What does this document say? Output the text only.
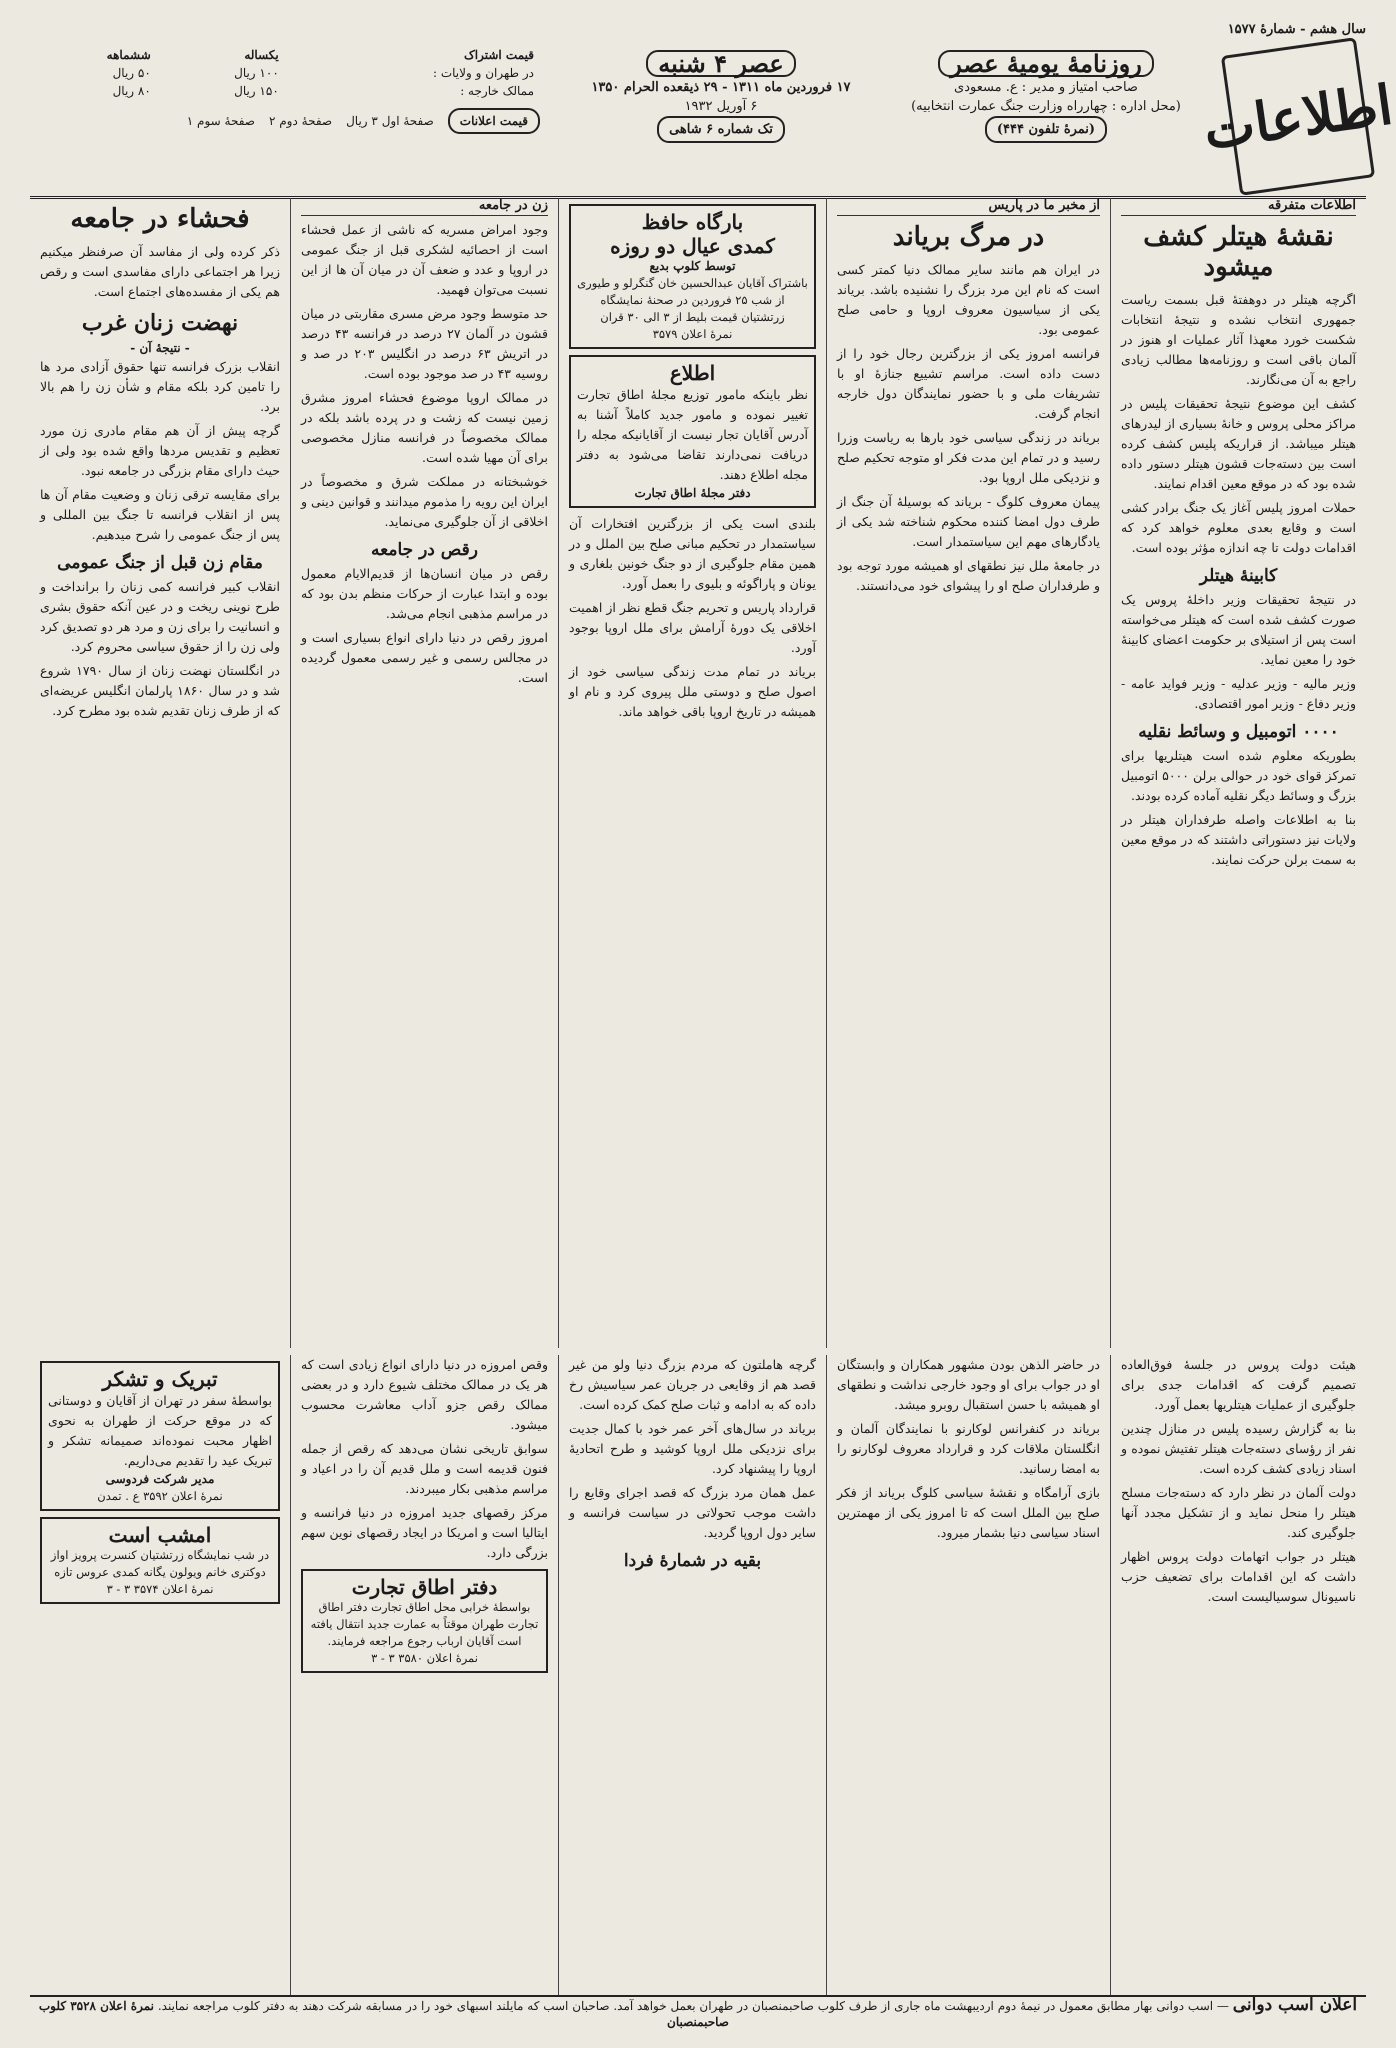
سال هشم - شمارهٔ ۱۵۷۷
اطلاعات
روزنامهٔ یومیهٔ عصر
صاحب امتیاز و مدیر : ع. مسعودی
(محل اداره : چهارراه وزارت جنگ عمارت انتخابیه)
(نمرهٔ تلفون ۴۴۴)
عصر ۴ شنبه
۱۷ فروردین ماه ۱۳۱۱ - ۲۹ ذیقعده الحرام ۱۳۵۰
۶ آوریل ۱۹۳۲
تک شماره ۶ شاهی
قیمت اشتراک	یکساله	ششماهه
در طهران و ولایات :	۱۰۰ ریال	۵۰ ریال
ممالک خارجه :	۱۵۰ ریال	۸۰ ریال
قیمت اعلانات
صفحهٔ اول ۳ ریال
صفحهٔ دوم ۲
صفحهٔ سوم ۱
اطلاعات متفرقه
نقشهٔ هیتلر کشف میشود

اگرچه هیتلر در دوهفتهٔ قبل بسمت ریاست جمهوری انتخاب نشده و نتیجهٔ انتخابات شکست خورد معهذا آثار عملیات او هنوز در آلمان باقی است و روزنامه‌ها مطالب زیادی راجع به آن می‌نگارند.

کشف این موضوع نتیجهٔ تحقیقات پلیس در مراکز محلی پروس و خانهٔ بسیاری از لیدرهای هیتلر میباشد. از قراریکه پلیس کشف کرده است بین دسته‌جات قشون هیتلر دستور داده شده بود که در موقع معین اقدام نمایند.

حملات امروز پلیس آغاز یک جنگ برادر کشی است و وقایع بعدی معلوم خواهد کرد که اقدامات دولت تا چه اندازه مؤثر بوده است.

کابینهٔ هیتلر

در نتیجهٔ تحقیقات وزیر داخلهٔ پروس یک صورت کشف شده است که هیتلر می‌خواسته است پس از استیلای بر حکومت اعضای کابینهٔ خود را معین نماید.

وزیر مالیه - وزیر عدلیه - وزیر فواید عامه - وزیر دفاع - وزیر امور اقتصادی.

۰۰۰۰ اتومبیل و وسائط نقلیه

بطوریکه معلوم شده است هیتلریها برای تمرکز قوای خود در حوالی برلن ۵۰۰۰ اتومبیل بزرگ و وسائط دیگر نقلیه آماده کرده بودند.

بنا به اطلاعات واصله طرفداران هیتلر در ولایات نیز دستوراتی داشتند که در موقع معین به سمت برلن حرکت نمایند.

از مخبر ما در پاریس
در مرگ بریاند

در ایران هم مانند سایر ممالک دنیا کمتر کسی است که نام این مرد بزرگ را نشنیده باشد. بریاند یکی از سیاسیون معروف اروپا و حامی صلح عمومی بود.

فرانسه امروز یکی از بزرگترین رجال خود را از دست داده است. مراسم تشییع جنازهٔ او با تشریفات ملی و با حضور نمایندگان دول خارجه انجام گرفت.

بریاند در زندگی سیاسی خود بارها به ریاست وزرا رسید و در تمام این مدت فکر او متوجه تحکیم صلح و نزدیکی ملل اروپا بود.

پیمان معروف کلوگ - بریاند که بوسیلهٔ آن جنگ از طرف دول امضا کننده محکوم شناخته شد یکی از یادگارهای مهم این سیاستمدار است.

در جامعهٔ ملل نیز نطقهای او همیشه مورد توجه بود و طرفداران صلح او را پیشوای خود می‌دانستند.

بارگاه حافظ
کمدی عیال دو روزه
توسط کلوپ بدیع
باشتراک آقایان عبدالحسین خان گنگرلو و طیوری از شب ۲۵ فروردین در صحنهٔ نمایشگاه زرتشتیان قیمت بلیط از ۳ الی ۳۰ قران
نمرهٔ اعلان ۳۵۷۹
اطلاع
نظر باینکه مامور توزیع مجلهٔ اطاق تجارت تغییر نموده و مامور جدید کاملاً آشنا به آدرس آقایان تجار نیست از آقایانیکه مجله را دریافت نمی‌دارند تقاضا می‌شود به دفتر مجله اطلاع دهند.
دفتر مجلهٔ اطاق تجارت

بلندی است یکی از بزرگترین افتخارات آن سیاستمدار در تحکیم مبانی صلح بین الملل و در همین مقام جلوگیری از دو جنگ خونین بلغاری و یونان و پاراگوئه و بلیوی را بعمل آورد.

قرارداد پاریس و تحریم جنگ قطع نظر از اهمیت اخلاقی یک دورهٔ آرامش برای ملل اروپا بوجود آورد.

بریاند در تمام مدت زندگی سیاسی خود از اصول صلح و دوستی ملل پیروی کرد و نام او همیشه در تاریخ اروپا باقی خواهد ماند.

زن در جامعه

وجود امراض مسریه که ناشی از عمل فحشاء است از احصائیه لشکری قبل از جنگ عمومی در اروپا و عدد و ضعف آن در میان آن ها از این نسبت می‌توان فهمید.

حد متوسط وجود مرض مسری مقاربتی در میان قشون در آلمان ۲۷ درصد در فرانسه ۴۳ درصد در اتریش ۶۳ درصد در انگلیس ۲۰۳ در صد و روسیه ۴۳ در صد موجود بوده است.

در ممالک اروپا موضوع فحشاء امروز مشرق زمین نیست که زشت و در پرده باشد بلکه در ممالک مخصوصاً در فرانسه منازل مخصوصی برای آن مهیا شده است.

خوشبختانه در مملکت شرق و مخصوصاً در ایران این رویه را مذموم میدانند و قوانین دینی و اخلاقی از آن جلوگیری می‌نماید.

رقص در جامعه

رقص در میان انسان‌ها از قدیم‌الایام معمول بوده و ابتدا عبارت از حرکات منظم بدن بود که در مراسم مذهبی انجام می‌شد.

امروز رقص در دنیا دارای انواع بسیاری است و در مجالس رسمی و غیر رسمی معمول گردیده است.

فحشاء در جامعه
ذکر کرده ولی از مفاسد آن صرفنظر میکنیم زیرا هر اجتماعی دارای مفاسدی است و رقص هم یکی از مفسده‌های اجتماع است.
نهضت زنان غرب
- نتیجهٔ آن -

انقلاب بزرک فرانسه تنها حقوق آزادی مرد ها را تامین کرد بلکه مقام و شأن زن را هم بالا برد.

گرچه پیش از آن هم مقام مادری زن مورد تعظیم و تقدیس مردها واقع شده بود ولی از حیث دارای مقام بزرگی در جامعه نبود.

برای مقایسه ترقی زنان و وضعیت مقام آن ها پس از انقلاب فرانسه تا جنگ بین المللی و پس از جنگ عمومی را شرح میدهیم.

مقام زن قبل از جنگ عمومی

انقلاب کبیر فرانسه کمی زنان را برانداخت و طرح نوینی ریخت و در عین آنکه حقوق بشری و انسانیت را برای زن و مرد هر دو تصدیق کرد ولی زن را از حقوق سیاسی محروم کرد.

در انگلستان نهضت زنان از سال ۱۷۹۰ شروع شد و در سال ۱۸۶۰ پارلمان انگلیس عریضه‌ای که از طرف زنان تقدیم شده بود مطرح کرد.

هیئت دولت پروس در جلسهٔ فوق‌العاده تصمیم گرفت که اقدامات جدی برای جلوگیری از عملیات هیتلریها بعمل آورد.

بنا به گزارش رسیده پلیس در منازل چندین نفر از رؤسای دسته‌جات هیتلر تفتیش نموده و اسناد زیادی کشف کرده است.

دولت آلمان در نظر دارد که دسته‌جات مسلح هیتلر را منحل نماید و از تشکیل مجدد آنها جلوگیری کند.

هیتلر در جواب اتهامات دولت پروس اظهار داشت که این اقدامات برای تضعیف حزب ناسیونال سوسیالیست است.

در حاضر الذهن بودن مشهور همکاران و وابستگان او در جواب برای او وجود خارجی نداشت و نطقهای او همیشه با حسن استقبال روبرو میشد.

بریاند در کنفرانس لوکارنو با نمایندگان آلمان و انگلستان ملاقات کرد و قرارداد معروف لوکارنو را به امضا رسانید.

بازی آرامگاه و نقشهٔ سیاسی کلوگ بریاند از فکر صلح بین الملل است که تا امروز یکی از مهمترین اسناد سیاسی دنیا بشمار میرود.

گرچه هاملتون که مردم بزرگ دنیا ولو من غیر قصد هم از وقایعی در جریان عمر سیاسیش رخ داده که به ادامه و ثبات صلح کمک کرده است.

بریاند در سال‌های آخر عمر خود با کمال جدیت برای نزدیکی ملل اروپا کوشید و طرح اتحادیهٔ اروپا را پیشنهاد کرد.

عمل همان مرد بزرگ که قصد اجرای وقایع را داشت موجب تحولاتی در سیاست فرانسه و سایر دول اروپا گردید.

بقیه در شمارهٔ فردا

وقص امروزه در دنیا دارای انواع زیادی است که هر یک در ممالک مختلف شیوع دارد و در بعضی ممالک رقص جزو آداب معاشرت محسوب میشود.

سوابق تاریخی نشان می‌دهد که رقص از جمله فنون قدیمه است و ملل قدیم آن را در اعیاد و مراسم مذهبی بکار میبردند.

مرکز رقصهای جدید امروزه در دنیا فرانسه و ایتالیا است و امریکا در ایجاد رقصهای نوین سهم بزرگی دارد.

دفتر اطاق تجارت
بواسطهٔ خرابی محل اطاق تجارت دفتر اطاق تجارت طهران موقتاً به عمارت جدید انتقال یافته است آقایان ارباب رجوع مراجعه فرمایند.
نمرهٔ اعلان ۳۵۸۰ ۳ - ۳
تبریک و تشکر
بواسطهٔ سفر در تهران از آقایان و دوستانی که در موقع حرکت از طهران به نحوی اظهار محبت نموده‌اند صمیمانه تشکر و تبریک عید را تقدیم می‌داریم.
مدیر شرکت فردوسی
نمرهٔ اعلان ۳۵۹۲ ع . تمدن
امشب است
در شب نمایشگاه زرتشتیان کنسرت پرویز اواز دوکتری خانم ویولون یگانه کمدی عروس تازه
نمرهٔ اعلان ۳۵۷۴ ۳ - ۳
اعلان اسب دوانی — اسب دوانی بهار مطابق معمول در نیمهٔ دوم اردیبهشت ماه جاری از طرف کلوب صاحبمنصبان در طهران بعمل خواهد آمد. صاحبان اسب که مایلند اسبهای خود را در مسابقه شرکت دهند به دفتر کلوب مراجعه نمایند. نمرهٔ اعلان ۳۵۲۸ کلوب صاحبمنصبان
